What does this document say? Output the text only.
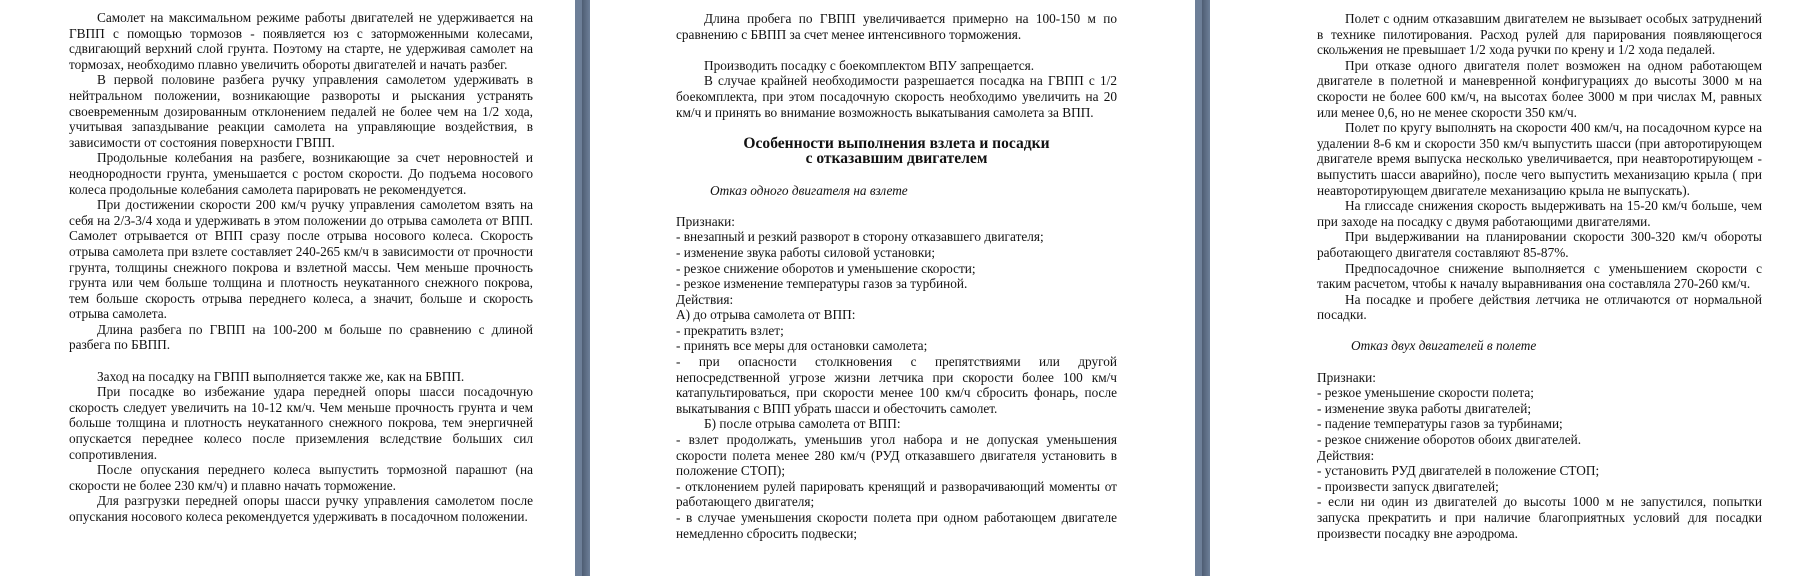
Самолет на максимальном режиме работы двигателей не удерживается на ГВПП с помощью тормозов - появляется юз с заторможенными колесами, сдвигающий верхний слой грунта. Поэтому на старте, не удерживая самолет на тормозах, необходимо плавно увеличить обороты двигателей и начать разбег.

В первой половине разбега ручку управления самолетом удерживать в нейтральном положении, возникающие развороты и рыскания устранять своевременным дозированным отклонением педалей не более чем на 1/2 хода, учитывая запаздывание реакции самолета на управляющие воздействия, в зависимости от состояния поверхности ГВПП.

Продольные колебания на разбеге, возникающие за счет неровностей и неоднородности грунта, уменьшается с ростом скорости. До подъема носового колеса продольные колебания самолета парировать не рекомендуется.

При достижении скорости 200 км/ч ручку управления самолетом взять на себя на 2/3-3/4 хода и удерживать в этом положении до отрыва самолета от ВПП. Самолет отрывается от ВПП сразу после отрыва носового колеса. Скорость отрыва самолета при взлете составляет 240-265 км/ч в зависимости от прочности грунта, толщины снежного покрова и взлетной массы. Чем меньше прочность грунта или чем больше толщина и плотность неукатанного снежного покрова, тем больше скорость отрыва переднего колеса, а значит, больше и скорость отрыва самолета.

Длина разбега по ГВПП на 100-200 м больше по сравнению с длиной разбега по БВПП.

Заход на посадку на ГВПП выполняется также же, как на БВПП.

При посадке во избежание удара передней опоры шасси посадочную скорость следует увеличить на 10-12 км/ч. Чем меньше прочность грунта и чем больше толщина и плотность неукатанного снежного покрова, тем энергичней опускается переднее колесо после приземления вследствие больших сил сопротивления.

После опускания переднего колеса выпустить тормозной парашют (на скорости не более 230 км/ч) и плавно начать торможение.

Для разгрузки передней опоры шасси ручку управления самолетом после опускания носового колеса рекомендуется удерживать в посадочном положении.

Длина пробега по ГВПП увеличивается примерно на 100-150 м по сравнению с БВПП за счет менее интенсивного торможения.

Производить посадку с боекомплектом ВПУ запрещается.

В случае крайней необходимости разрешается посадка на ГВПП с 1/2 боекомплекта, при этом посадочную скорость необходимо увеличить на 20 км/ч и принять во внимание возможность выкатывания самолета за ВПП.

Особенности выполнения взлета и посадки
с отказавшим двигателем

Отказ одного двигателя на взлете

Признаки:

- внезапный и резкий разворот в сторону отказавшего двигателя;

- изменение звука работы силовой установки;

- резкое снижение оборотов и уменьшение скорости;

- резкое изменение температуры газов за турбиной.

Действия:

А) до отрыва самолета от ВПП:

- прекратить взлет;

- принять все меры для остановки самолета;

- при опасности столкновения с препятствиями или другой непосредственной угрозе жизни летчика при скорости более 100 км/ч катапультироваться, при скорости менее 100 км/ч сбросить фонарь, после выкатывания с ВПП убрать шасси и обесточить самолет.

Б) после отрыва самолета от ВПП:

- взлет продолжать, уменьшив угол набора и не допуская уменьшения скорости полета менее 280 км/ч (РУД отказавшего двигателя установить в положение СТОП);

- отклонением рулей парировать кренящий и разворачивающий моменты от работающего двигателя;

- в случае уменьшения скорости полета при одном работающем двигателе немедленно сбросить подвески;

Полет с одним отказавшим двигателем не вызывает особых затруднений в технике пилотирования. Расход рулей для парирования появляющегося скольжения не превышает 1/2 хода ручки по крену и 1/2 хода педалей.

При отказе одного двигателя полет возможен на одном работающем двигателе в полетной и маневренной конфигурациях до высоты 3000 м на скорости не более 600 км/ч, на высотах более 3000 м при числах М, равных или менее 0,6, но не менее скорости 350 км/ч.

Полет по кругу выполнять на скорости 400 км/ч, на посадочном курсе на удалении 8-6 км и скорости 350 км/ч выпустить шасси (при авторотирующем двигателе время выпуска несколько увеличивается, при неавторотирующем - выпустить шасси аварийно), после чего выпустить механизацию крыла ( при неавторотирующем двигателе механизацию крыла не выпускать).

На глиссаде снижения скорость выдерживать на 15-20 км/ч больше, чем при заходе на посадку с двумя работающими двигателями.

При выдерживании на планировании скорости 300-320 км/ч обороты работающего двигателя составляют 85-87%.

Предпосадочное снижение выполняется с уменьшением скорости с таким расчетом, чтобы к началу выравнивания она составляла 270-260 км/ч.

На посадке и пробеге действия летчика не отличаются от нормальной посадки.

Отказ двух двигателей в полете

Признаки:

- резкое уменьшение скорости полета;

- изменение звука работы двигателей;

- падение температуры газов за турбинами;

- резкое снижение оборотов обоих двигателей.

Действия:

- установить РУД двигателей в положение СТОП;

- произвести запуск двигателей;

- если ни один из двигателей до высоты 1000 м не запустился, попытки запуска прекратить и при наличие благоприятных условий для посадки произвести посадку вне аэродрома.
